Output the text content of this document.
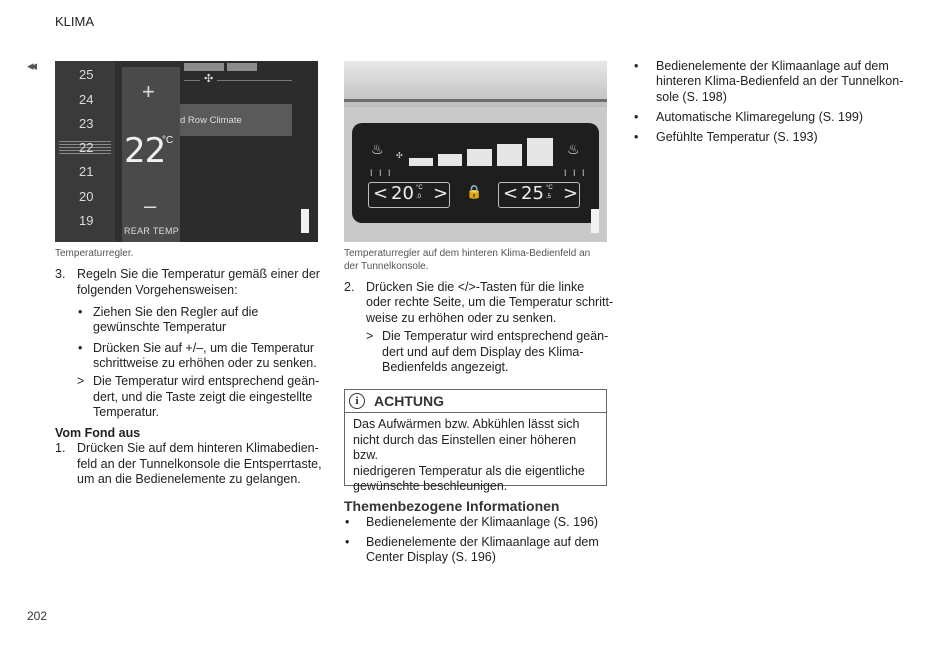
KLIMA
◂◂
25
24
23
22
21
20
19
+
22
°C
–
REAR TEMP
✣
d Row Climate
Temperaturregler.
♨	♨
I I I	I I I
✣
< 20 °C
.0 > 🔒 < 25 °C
.5 >
Temperaturregler auf dem hinteren Klima-Bedienfeld an
der Tunnelkonsole.
3. Regeln Sie die Temperatur gemäß einer der
folgenden Vorgehensweisen:
• Ziehen Sie den Regler auf die
gewünschte Temperatur
• Drücken Sie auf +/–, um die Temperatur
schrittweise zu erhöhen oder zu senken.
> Die Temperatur wird entsprechend geän-
dert, und die Taste zeigt die eingestellte
Temperatur.
Vom Fond aus
1. Drücken Sie auf dem hinteren Klimabedien-
feld an der Tunnelkonsole die Entsperrtaste,
um an die Bedienelemente zu gelangen.
2. Drücken Sie die </>-Tasten für die linke
oder rechte Seite, um die Temperatur schritt-
weise zu erhöhen oder zu senken.
> Die Temperatur wird entsprechend geän-
dert und auf dem Display des Klima-
Bedienfelds angezeigt.
i	ACHTUNG
Das Aufwärmen bzw. Abkühlen lässt sich
nicht durch das Einstellen einer höheren bzw.
niedrigeren Temperatur als die eigentliche
gewünschte beschleunigen.
Themenbezogene Informationen
• Bedienelemente der Klimaanlage (S. 196)
• Bedienelemente der Klimaanlage auf dem
Center Display (S. 196)
• Bedienelemente der Klimaanlage auf dem
hinteren Klima-Bedienfeld an der Tunnelkon-
sole (S. 198)
• Automatische Klimaregelung (S. 199)
• Gefühlte Temperatur (S. 193)
202
